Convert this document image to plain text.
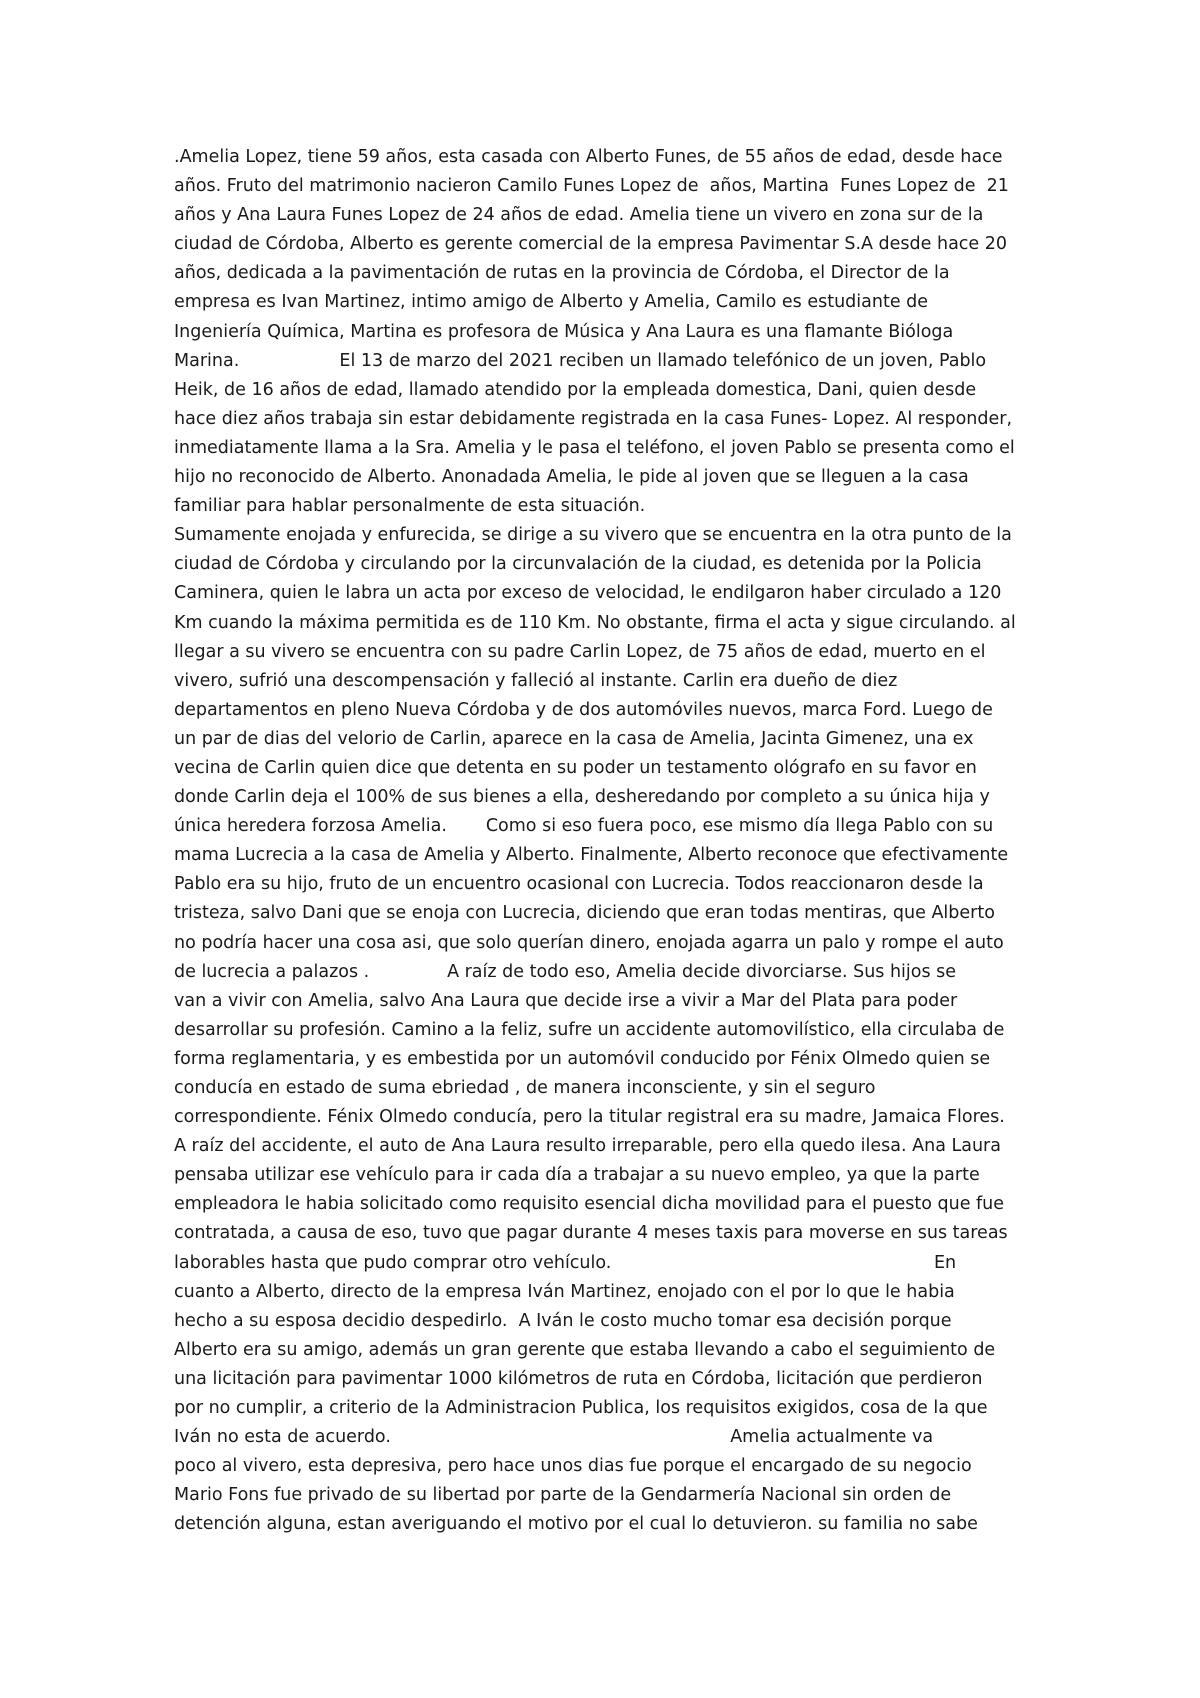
.Amelia Lopez, tiene 59 años, esta casada con Alberto Funes, de 55 años de edad, desde hace
años. Fruto del matrimonio nacieron Camilo Funes Lopez de  años, Martina  Funes Lopez de  21
años y Ana Laura Funes Lopez de 24 años de edad. Amelia tiene un vivero en zona sur de la
ciudad de Córdoba, Alberto es gerente comercial de la empresa Pavimentar S.A desde hace 20
años, dedicada a la pavimentación de rutas en la provincia de Córdoba, el Director de la
empresa es Ivan Martinez, intimo amigo de Alberto y Amelia, Camilo es estudiante de
Ingeniería Química, Martina es profesora de Música y Ana Laura es una flamante Bióloga
Marina.                  El 13 de marzo del 2021 reciben un llamado telefónico de un joven, Pablo
Heik, de 16 años de edad, llamado atendido por la empleada domestica, Dani, quien desde
hace diez años trabaja sin estar debidamente registrada en la casa Funes- Lopez. Al responder,
inmediatamente llama a la Sra. Amelia y le pasa el teléfono, el joven Pablo se presenta como el
hijo no reconocido de Alberto. Anonadada Amelia, le pide al joven que se lleguen a la casa
familiar para hablar personalmente de esta situación.
Sumamente enojada y enfurecida, se dirige a su vivero que se encuentra en la otra punto de la
ciudad de Córdoba y circulando por la circunvalación de la ciudad, es detenida por la Policia
Caminera, quien le labra un acta por exceso de velocidad, le endilgaron haber circulado a 120
Km cuando la máxima permitida es de 110 Km. No obstante, firma el acta y sigue circulando. al
llegar a su vivero se encuentra con su padre Carlin Lopez, de 75 años de edad, muerto en el
vivero, sufrió una descompensación y falleció al instante. Carlin era dueño de diez
departamentos en pleno Nueva Córdoba y de dos automóviles nuevos, marca Ford. Luego de
un par de dias del velorio de Carlin, aparece en la casa de Amelia, Jacinta Gimenez, una ex
vecina de Carlin quien dice que detenta en su poder un testamento ológrafo en su favor en
donde Carlin deja el 100% de sus bienes a ella, desheredando por completo a su única hija y
única heredera forzosa Amelia.       Como si eso fuera poco, ese mismo día llega Pablo con su
mama Lucrecia a la casa de Amelia y Alberto. Finalmente, Alberto reconoce que efectivamente
Pablo era su hijo, fruto de un encuentro ocasional con Lucrecia. Todos reaccionaron desde la
tristeza, salvo Dani que se enoja con Lucrecia, diciendo que eran todas mentiras, que Alberto
no podría hacer una cosa asi, que solo querían dinero, enojada agarra un palo y rompe el auto
de lucrecia a palazos .              A raíz de todo eso, Amelia decide divorciarse. Sus hijos se
van a vivir con Amelia, salvo Ana Laura que decide irse a vivir a Mar del Plata para poder
desarrollar su profesión. Camino a la feliz, sufre un accidente automovilístico, ella circulaba de
forma reglamentaria, y es embestida por un automóvil conducido por Fénix Olmedo quien se
conducía en estado de suma ebriedad , de manera inconsciente, y sin el seguro
correspondiente. Fénix Olmedo conducía, pero la titular registral era su madre, Jamaica Flores.
A raíz del accidente, el auto de Ana Laura resulto irreparable, pero ella quedo ilesa. Ana Laura
pensaba utilizar ese vehículo para ir cada día a trabajar a su nuevo empleo, ya que la parte
empleadora le habia solicitado como requisito esencial dicha movilidad para el puesto que fue
contratada, a causa de eso, tuvo que pagar durante 4 meses taxis para moverse en sus tareas
laborables hasta que pudo comprar otro vehículo.                                                          En
cuanto a Alberto, directo de la empresa Iván Martinez, enojado con el por lo que le habia
hecho a su esposa decidio despedirlo.  A Iván le costo mucho tomar esa decisión porque
Alberto era su amigo, además un gran gerente que estaba llevando a cabo el seguimiento de
una licitación para pavimentar 1000 kilómetros de ruta en Córdoba, licitación que perdieron
por no cumplir, a criterio de la Administracion Publica, los requisitos exigidos, cosa de la que
Iván no esta de acuerdo.                                                             Amelia actualmente va
poco al vivero, esta depresiva, pero hace unos dias fue porque el encargado de su negocio
Mario Fons fue privado de su libertad por parte de la Gendarmería Nacional sin orden de
detención alguna, estan averiguando el motivo por el cual lo detuvieron. su familia no sabe
